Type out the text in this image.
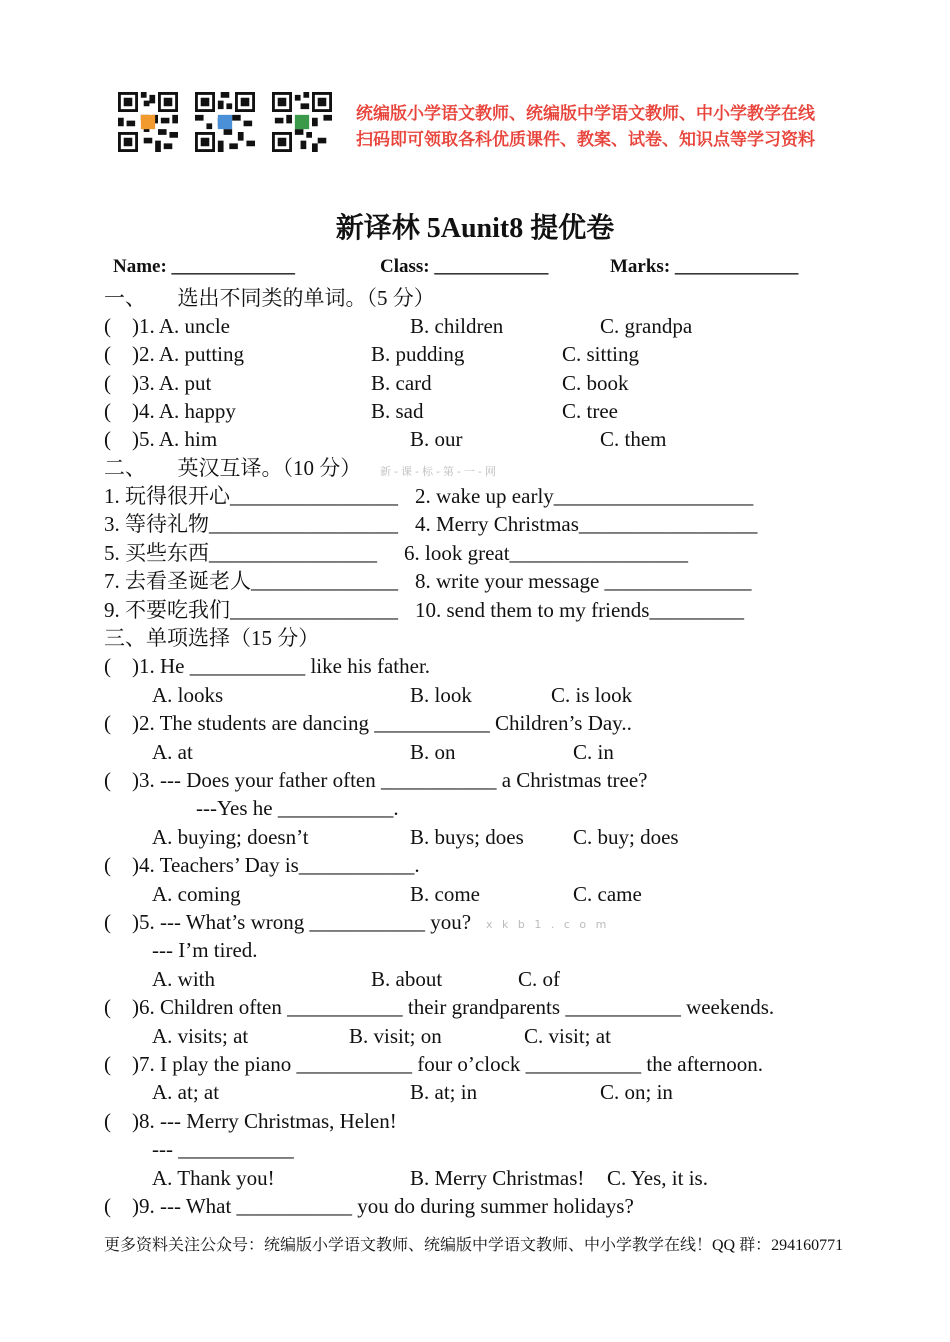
统编版小学语文教师、统编版中学语文教师、中小学教学在线
扫码即可领取各科优质课件、教案、试卷、知识点等学习资料
新译林 5Aunit8 提优卷
Name: _____________	Class: ____________	Marks: _____________
一、　　选出不同类的单词。（5 分）
(　)1. A. uncle	B. children	C. grandpa
(　)2. A. putting	B. pudding	C. sitting
(　)3. A. put	B. card	C. book
(　)4. A. happy	B. sad	C. tree
(　)5. A. him	B. our	C. them
二、　　英汉互译。（10 分） 新-课-标-第-一-网
1. 玩得很开心________________ 2. wake up early___________________
3. 等待礼物__________________ 4. Merry Christmas_________________
5. 买些东西________________ 6. look great_________________
7. 去看圣诞老人______________ 8. write your message ______________
9. 不要吃我们________________ 10. send them to my friends_________
三、单项选择（15 分）
(　)1. He ___________ like his father.
A. looks	B. look	C. is look
(　)2. The students are dancing ___________ Children’s Day..
A. at	B. on	C. in
(　)3. --- Does your father often ___________ a Christmas tree?
---Yes he ___________.
A. buying; doesn’t	B. buys; does C. buy; does
(　)4. Teachers’ Day is___________.
A. coming	B. come	C. came
(　)5. --- What’s wrong ___________ you? x k b 1 . c o m
--- I’m tired.
A. with	B. about	C. of
(　)6. Children often ___________ their grandparents ___________ weekends.
A. visits; at	B. visit; on	C. visit; at
(　)7. I play the piano ___________ four o’clock ___________ the afternoon.
A. at; at	B. at; in	C. on; in
(　)8. --- Merry Christmas, Helen!
--- ___________
A. Thank you!	B. Merry Christmas! C. Yes, it is.
(　)9. --- What ___________ you do during summer holidays?
更多资料关注公众号：统编版小学语文教师、统编版中学语文教师、中小学教学在线！QQ 群：294160771
